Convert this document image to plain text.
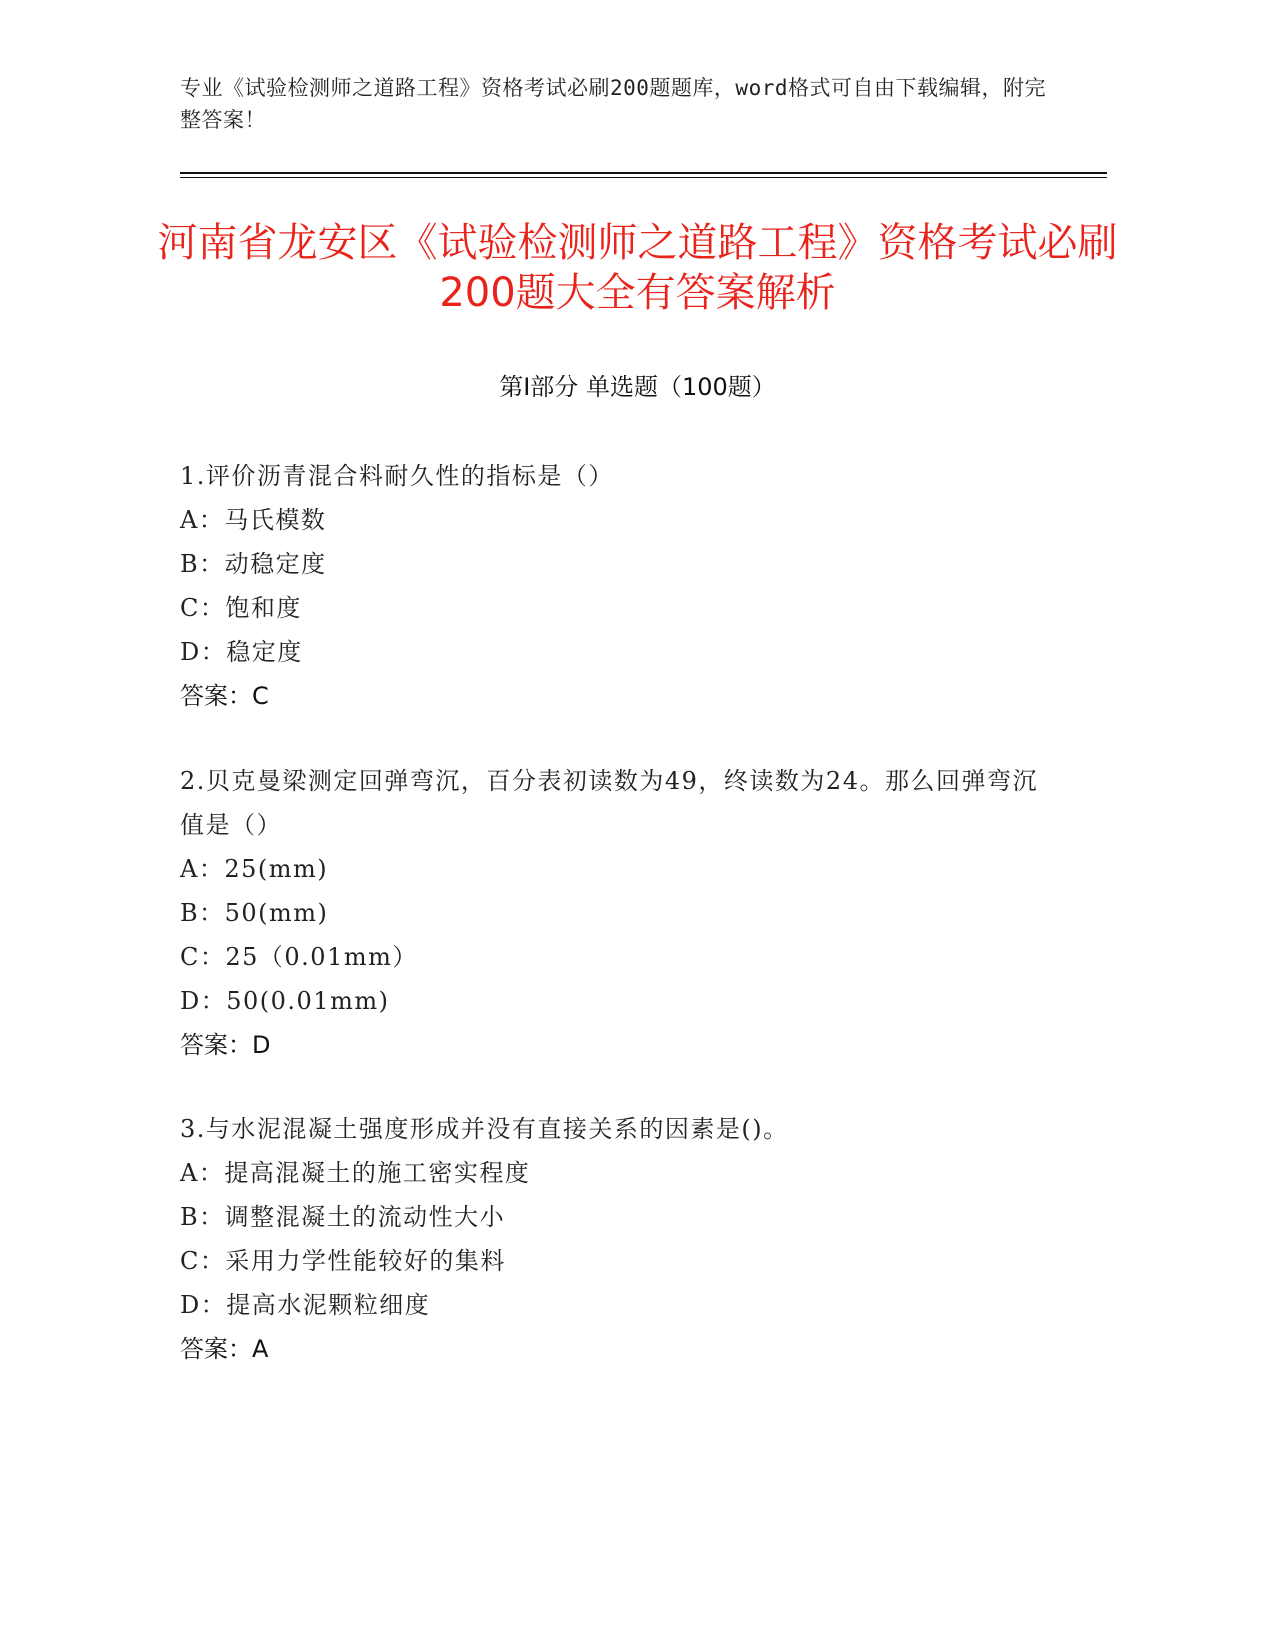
专业《试验检测师之道路工程》资格考试必刷200题题库，word格式可自由下载编辑，附完整答案！
河南省龙安区《试验检测师之道路工程》资格考试必刷200题大全有答案解析
第Ⅰ部分 单选题（100题）
1.评价沥青混合料耐久性的指标是（）
A：马氏模数
B：动稳定度
C：饱和度
D：稳定度
答案：C
2.贝克曼梁测定回弹弯沉，百分表初读数为49，终读数为24。那么回弹弯沉值是（）
A：25(mm)
B：50(mm)
C：25（0.01mm）
D：50(0.01mm)
答案：D
3.与水泥混凝土强度形成并没有直接关系的因素是()。
A：提高混凝土的施工密实程度
B：调整混凝土的流动性大小
C：采用力学性能较好的集料
D：提高水泥颗粒细度
答案：A
